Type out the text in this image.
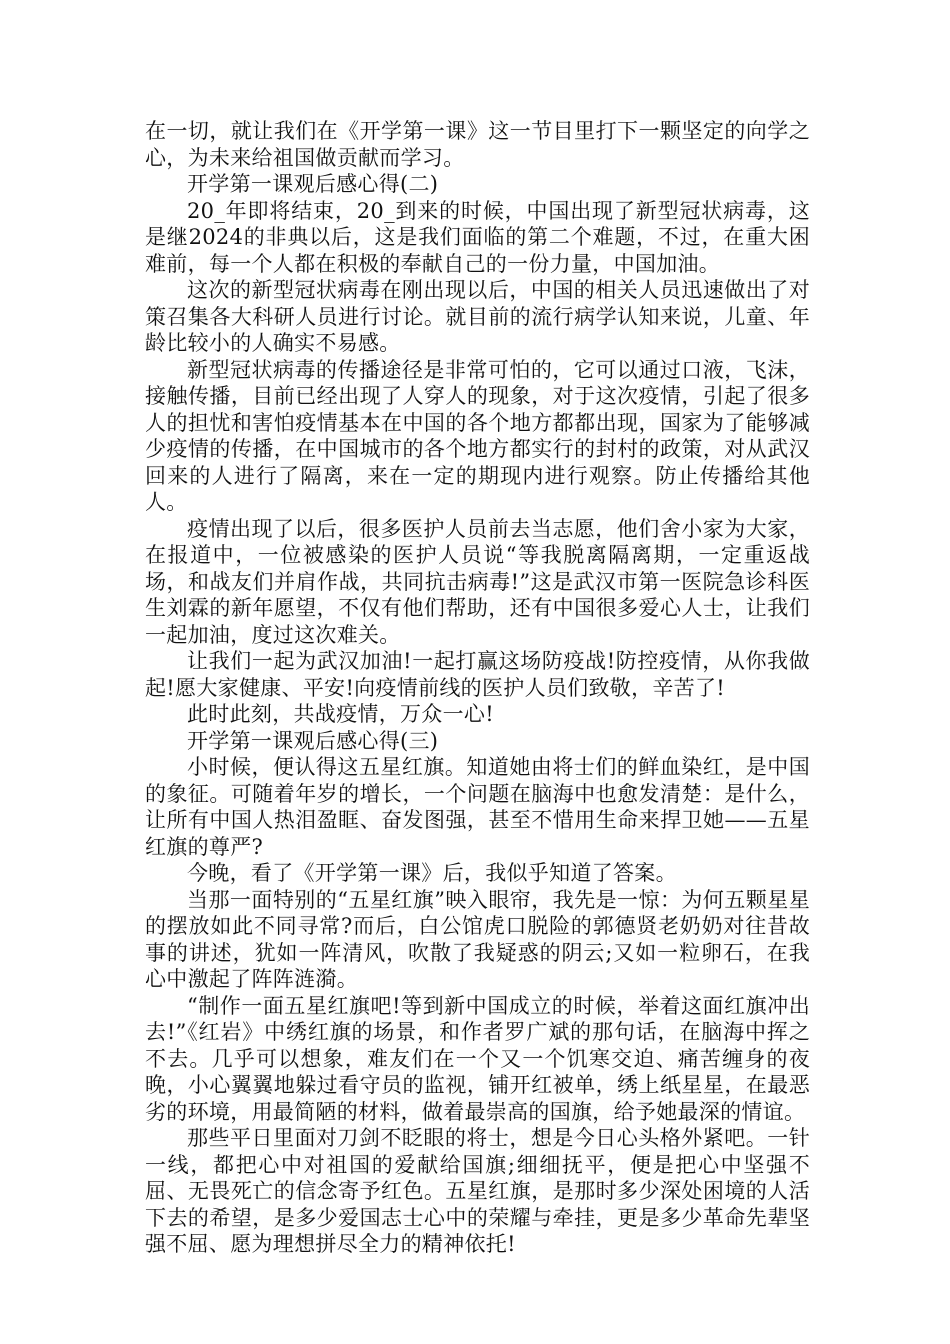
在一切，就让我们在《开学第一课》这一节目里打下一颗坚定的向学之心，为未来给祖国做贡献而学习。

开学第一课观后感心得(二)

20_年即将结束，20_到来的时候，中国出现了新型冠状病毒，这是继2024的非典以后，这是我们面临的第二个难题，不过，在重大困难前，每一个人都在积极的奉献自己的一份力量，中国加油。

这次的新型冠状病毒在刚出现以后，中国的相关人员迅速做出了对策召集各大科研人员进行讨论。就目前的流行病学认知来说，儿童、年龄比较小的人确实不易感。

新型冠状病毒的传播途径是非常可怕的，它可以通过口液，飞沫，接触传播，目前已经出现了人穿人的现象，对于这次疫情，引起了很多人的担忧和害怕疫情基本在中国的各个地方都都出现，国家为了能够减少疫情的传播，在中国城市的各个地方都实行的封村的政策，对从武汉回来的人进行了隔离，来在一定的期现内进行观察。防止传播给其他人。

疫情出现了以后，很多医护人员前去当志愿，他们舍小家为大家，在报道中，一位被感染的医护人员说“等我脱离隔离期，一定重返战场，和战友们并肩作战，共同抗击病毒!”这是武汉市第一医院急诊科医生刘霖的新年愿望，不仅有他们帮助，还有中国很多爱心人士，让我们一起加油，度过这次难关。

让我们一起为武汉加油!一起打赢这场防疫战!防控疫情，从你我做起!愿大家健康、平安!向疫情前线的医护人员们致敬，辛苦了!

此时此刻，共战疫情，万众一心!

开学第一课观后感心得(三)

小时候，便认得这五星红旗。知道她由将士们的鲜血染红，是中国的象征。可随着年岁的增长，一个问题在脑海中也愈发清楚：是什么，让所有中国人热泪盈眶、奋发图强，甚至不惜用生命来捍卫她——五星红旗的尊严?

今晚，看了《开学第一课》后，我似乎知道了答案。

当那一面特别的“五星红旗”映入眼帘，我先是一惊：为何五颗星星的摆放如此不同寻常?而后，白公馆虎口脱险的郭德贤老奶奶对往昔故事的讲述，犹如一阵清风，吹散了我疑惑的阴云;又如一粒卵石，在我心中激起了阵阵涟漪。

“制作一面五星红旗吧!等到新中国成立的时候，举着这面红旗冲出去!”《红岩》中绣红旗的场景，和作者罗广斌的那句话，在脑海中挥之不去。几乎可以想象，难友们在一个又一个饥寒交迫、痛苦缠身的夜晚，小心翼翼地躲过看守员的监视，铺开红被单，绣上纸星星，在最恶劣的环境，用最简陋的材料，做着最崇高的国旗，给予她最深的情谊。

那些平日里面对刀剑不眨眼的将士，想是今日心头格外紧吧。一针一线，都把心中对祖国的爱献给国旗;细细抚平，便是把心中坚强不屈、无畏死亡的信念寄予红色。五星红旗，是那时多少深处困境的人活下去的希望，是多少爱国志士心中的荣耀与牵挂，更是多少革命先辈坚强不屈、愿为理想拼尽全力的精神依托!
